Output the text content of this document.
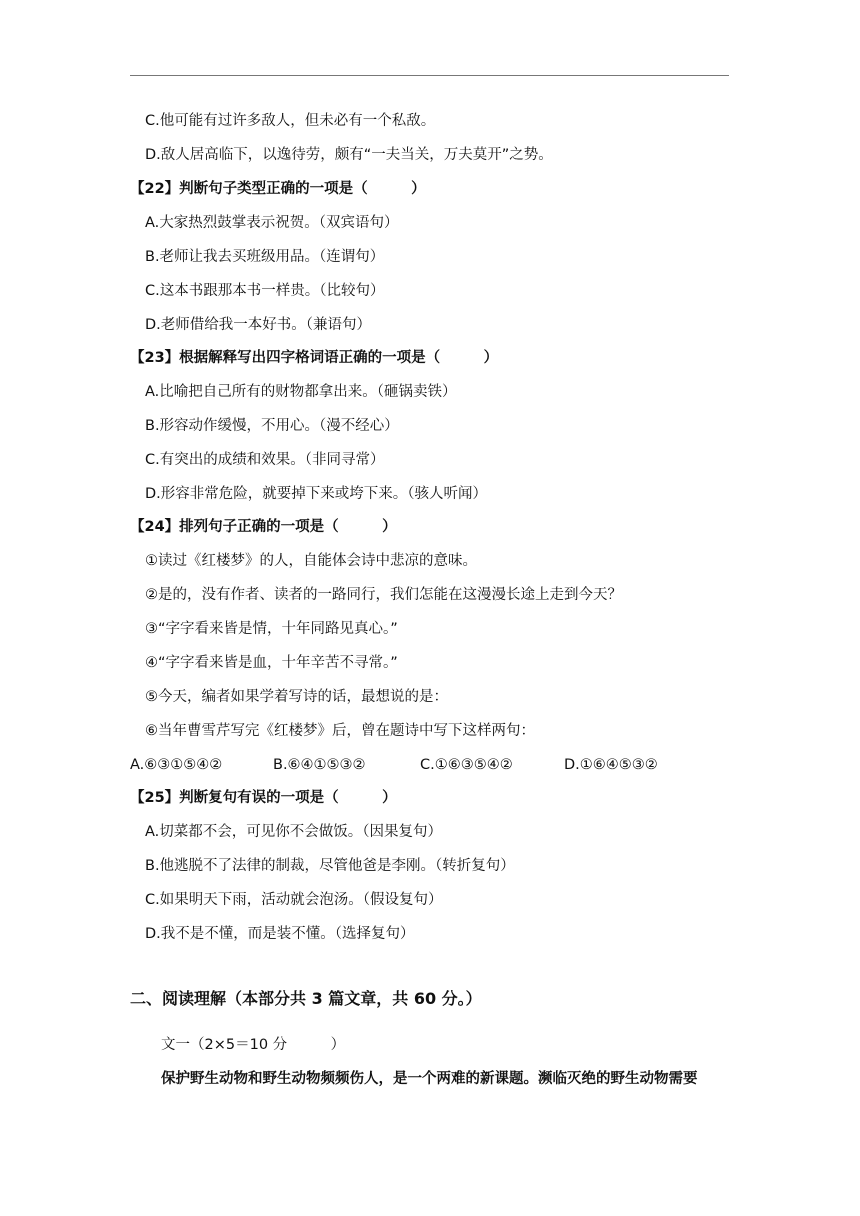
C.他可能有过许多敌人，但未必有一个私敌。
D.敌人居高临下，以逸待劳，颇有“一夫当关，万夫莫开”之势。
【22】判断句子类型正确的一项是（　　　）
A.大家热烈鼓掌表示祝贺。（双宾语句）
B.老师让我去买班级用品。（连谓句）
C.这本书跟那本书一样贵。（比较句）
D.老师借给我一本好书。（兼语句）
【23】根据解释写出四字格词语正确的一项是（　　　）
A.比喻把自己所有的财物都拿出来。（砸锅卖铁）
B.形容动作缓慢，不用心。（漫不经心）
C.有突出的成绩和效果。（非同寻常）
D.形容非常危险，就要掉下来或垮下来。（骇人听闻）
【24】排列句子正确的一项是（　　　）
①读过《红楼梦》的人，自能体会诗中悲凉的意味。
②是的，没有作者、读者的一路同行，我们怎能在这漫漫长途上走到今天？
③“字字看来皆是情，十年同路见真心。”
④“字字看来皆是血，十年辛苦不寻常。”
⑤今天，编者如果学着写诗的话，最想说的是：
⑥当年曹雪芹写完《红楼梦》后，曾在题诗中写下这样两句：
A.⑥③①⑤④②	B.⑥④①⑤③②	C.①⑥③⑤④②	D.①⑥④⑤③②
【25】判断复句有误的一项是（　　　）
A.切菜都不会，可见你不会做饭。（因果复句）
B.他逃脱不了法律的制裁，尽管他爸是李刚。（转折复句）
C.如果明天下雨，活动就会泡汤。（假设复句）
D.我不是不懂，而是装不懂。（选择复句）
二、阅读理解（本部分共 3 篇文章，共 60 分。）
文一（2×5＝10 分　　　）
保护野生动物和野生动物频频伤人，是一个两难的新课题。濒临灭绝的野生动物需要
